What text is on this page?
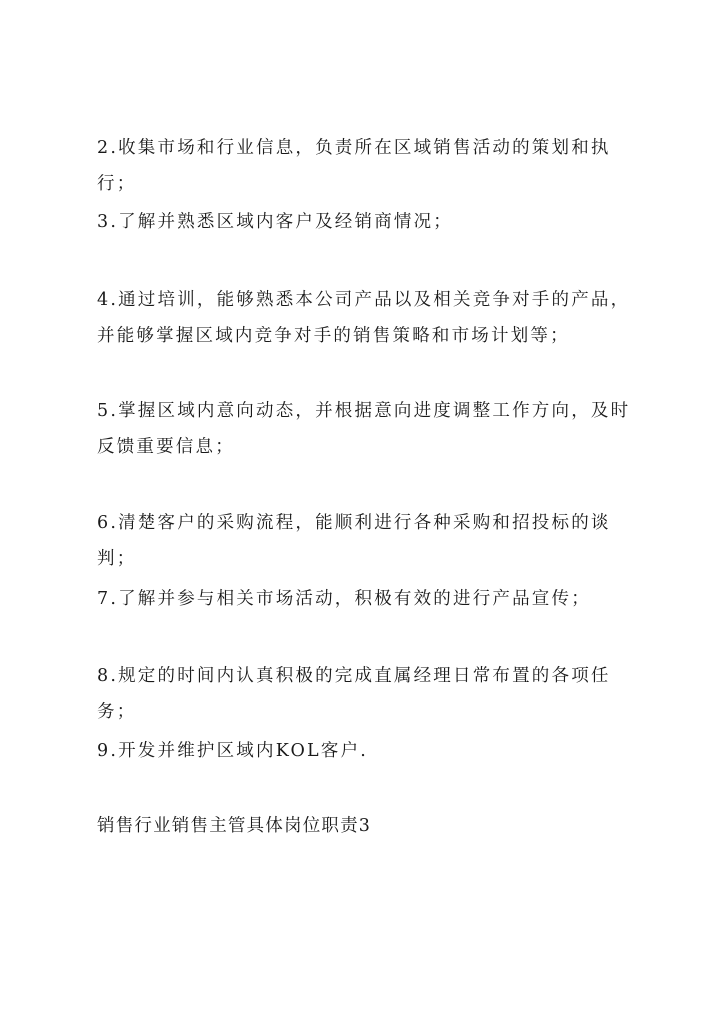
2.收集市场和行业信息，负责所在区域销售活动的策划和执行；
3.了解并熟悉区域内客户及经销商情况；
4.通过培训，能够熟悉本公司产品以及相关竞争对手的产品，并能够掌握区域内竞争对手的销售策略和市场计划等；
5.掌握区域内意向动态，并根据意向进度调整工作方向，及时反馈重要信息；
6.清楚客户的采购流程，能顺利进行各种采购和招投标的谈判；
7.了解并参与相关市场活动，积极有效的进行产品宣传；
8.规定的时间内认真积极的完成直属经理日常布置的各项任务；
9.开发并维护区域内KOL客户.
销售行业销售主管具体岗位职责3
